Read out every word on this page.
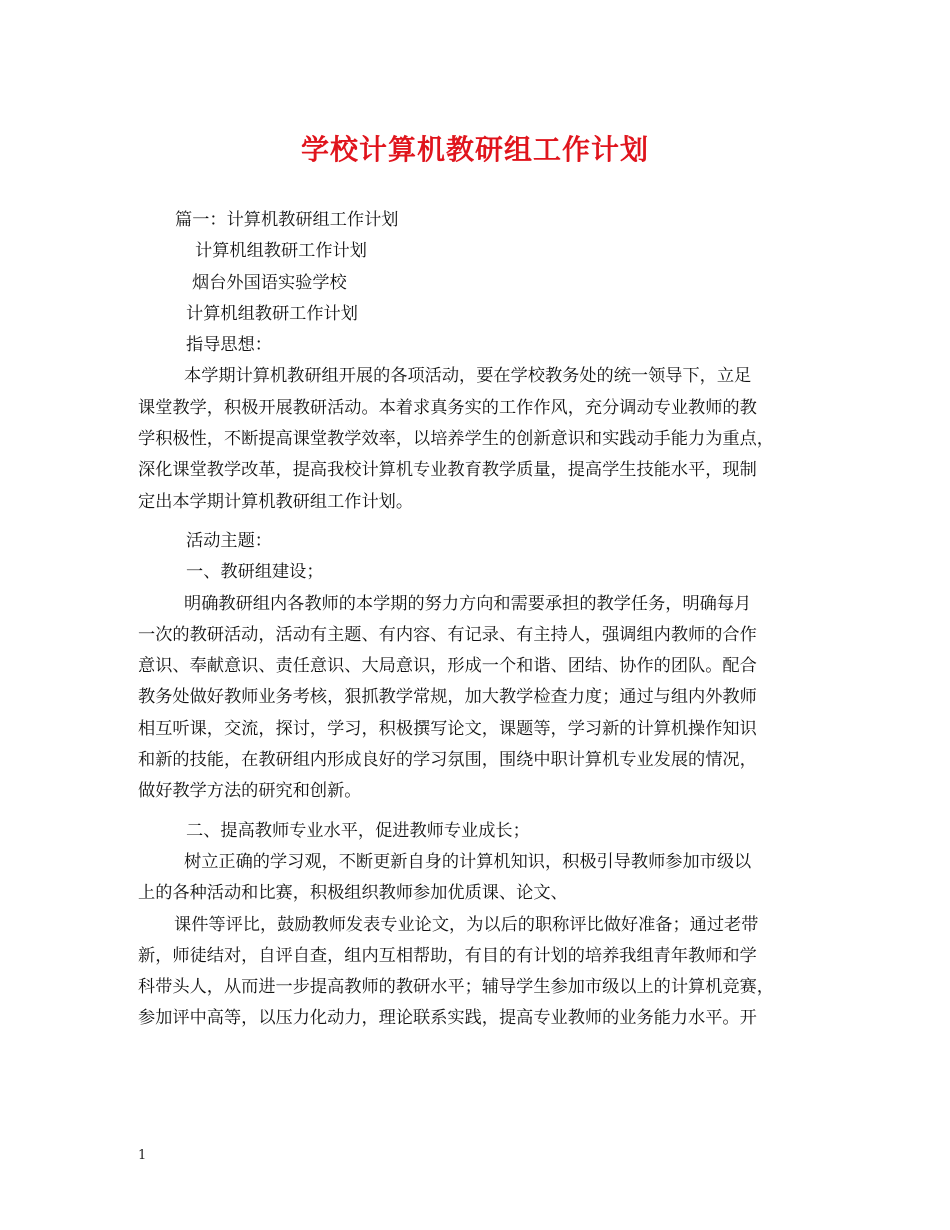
学校计算机教研组工作计划
篇一：计算机教研组工作计划
计算机组教研工作计划
烟台外国语实验学校
计算机组教研工作计划
指导思想：
本学期计算机教研组开展的各项活动，要在学校教务处的统一领导下，立足
课堂教学，积极开展教研活动。本着求真务实的工作作风，充分调动专业教师的教
学积极性，不断提高课堂教学效率，以培养学生的创新意识和实践动手能力为重点，
深化课堂教学改革，提高我校计算机专业教育教学质量，提高学生技能水平，现制
定出本学期计算机教研组工作计划。
活动主题：
一、教研组建设；
明确教研组内各教师的本学期的努力方向和需要承担的教学任务，明确每月
一次的教研活动，活动有主题、有内容、有记录、有主持人，强调组内教师的合作
意识、奉献意识、责任意识、大局意识，形成一个和谐、团结、协作的团队。配合
教务处做好教师业务考核，狠抓教学常规，加大教学检查力度；通过与组内外教师
相互听课，交流，探讨，学习，积极撰写论文，课题等，学习新的计算机操作知识
和新的技能，在教研组内形成良好的学习氛围，围绕中职计算机专业发展的情况，
做好教学方法的研究和创新。
二、提高教师专业水平，促进教师专业成长；
树立正确的学习观，不断更新自身的计算机知识，积极引导教师参加市级以
上的各种活动和比赛，积极组织教师参加优质课、论文、
课件等评比，鼓励教师发表专业论文，为以后的职称评比做好准备；通过老带
新，师徒结对，自评自查，组内互相帮助，有目的有计划的培养我组青年教师和学
科带头人，从而进一步提高教师的教研水平；辅导学生参加市级以上的计算机竞赛，
参加评中高等，以压力化动力，理论联系实践，提高专业教师的业务能力水平。开
1
